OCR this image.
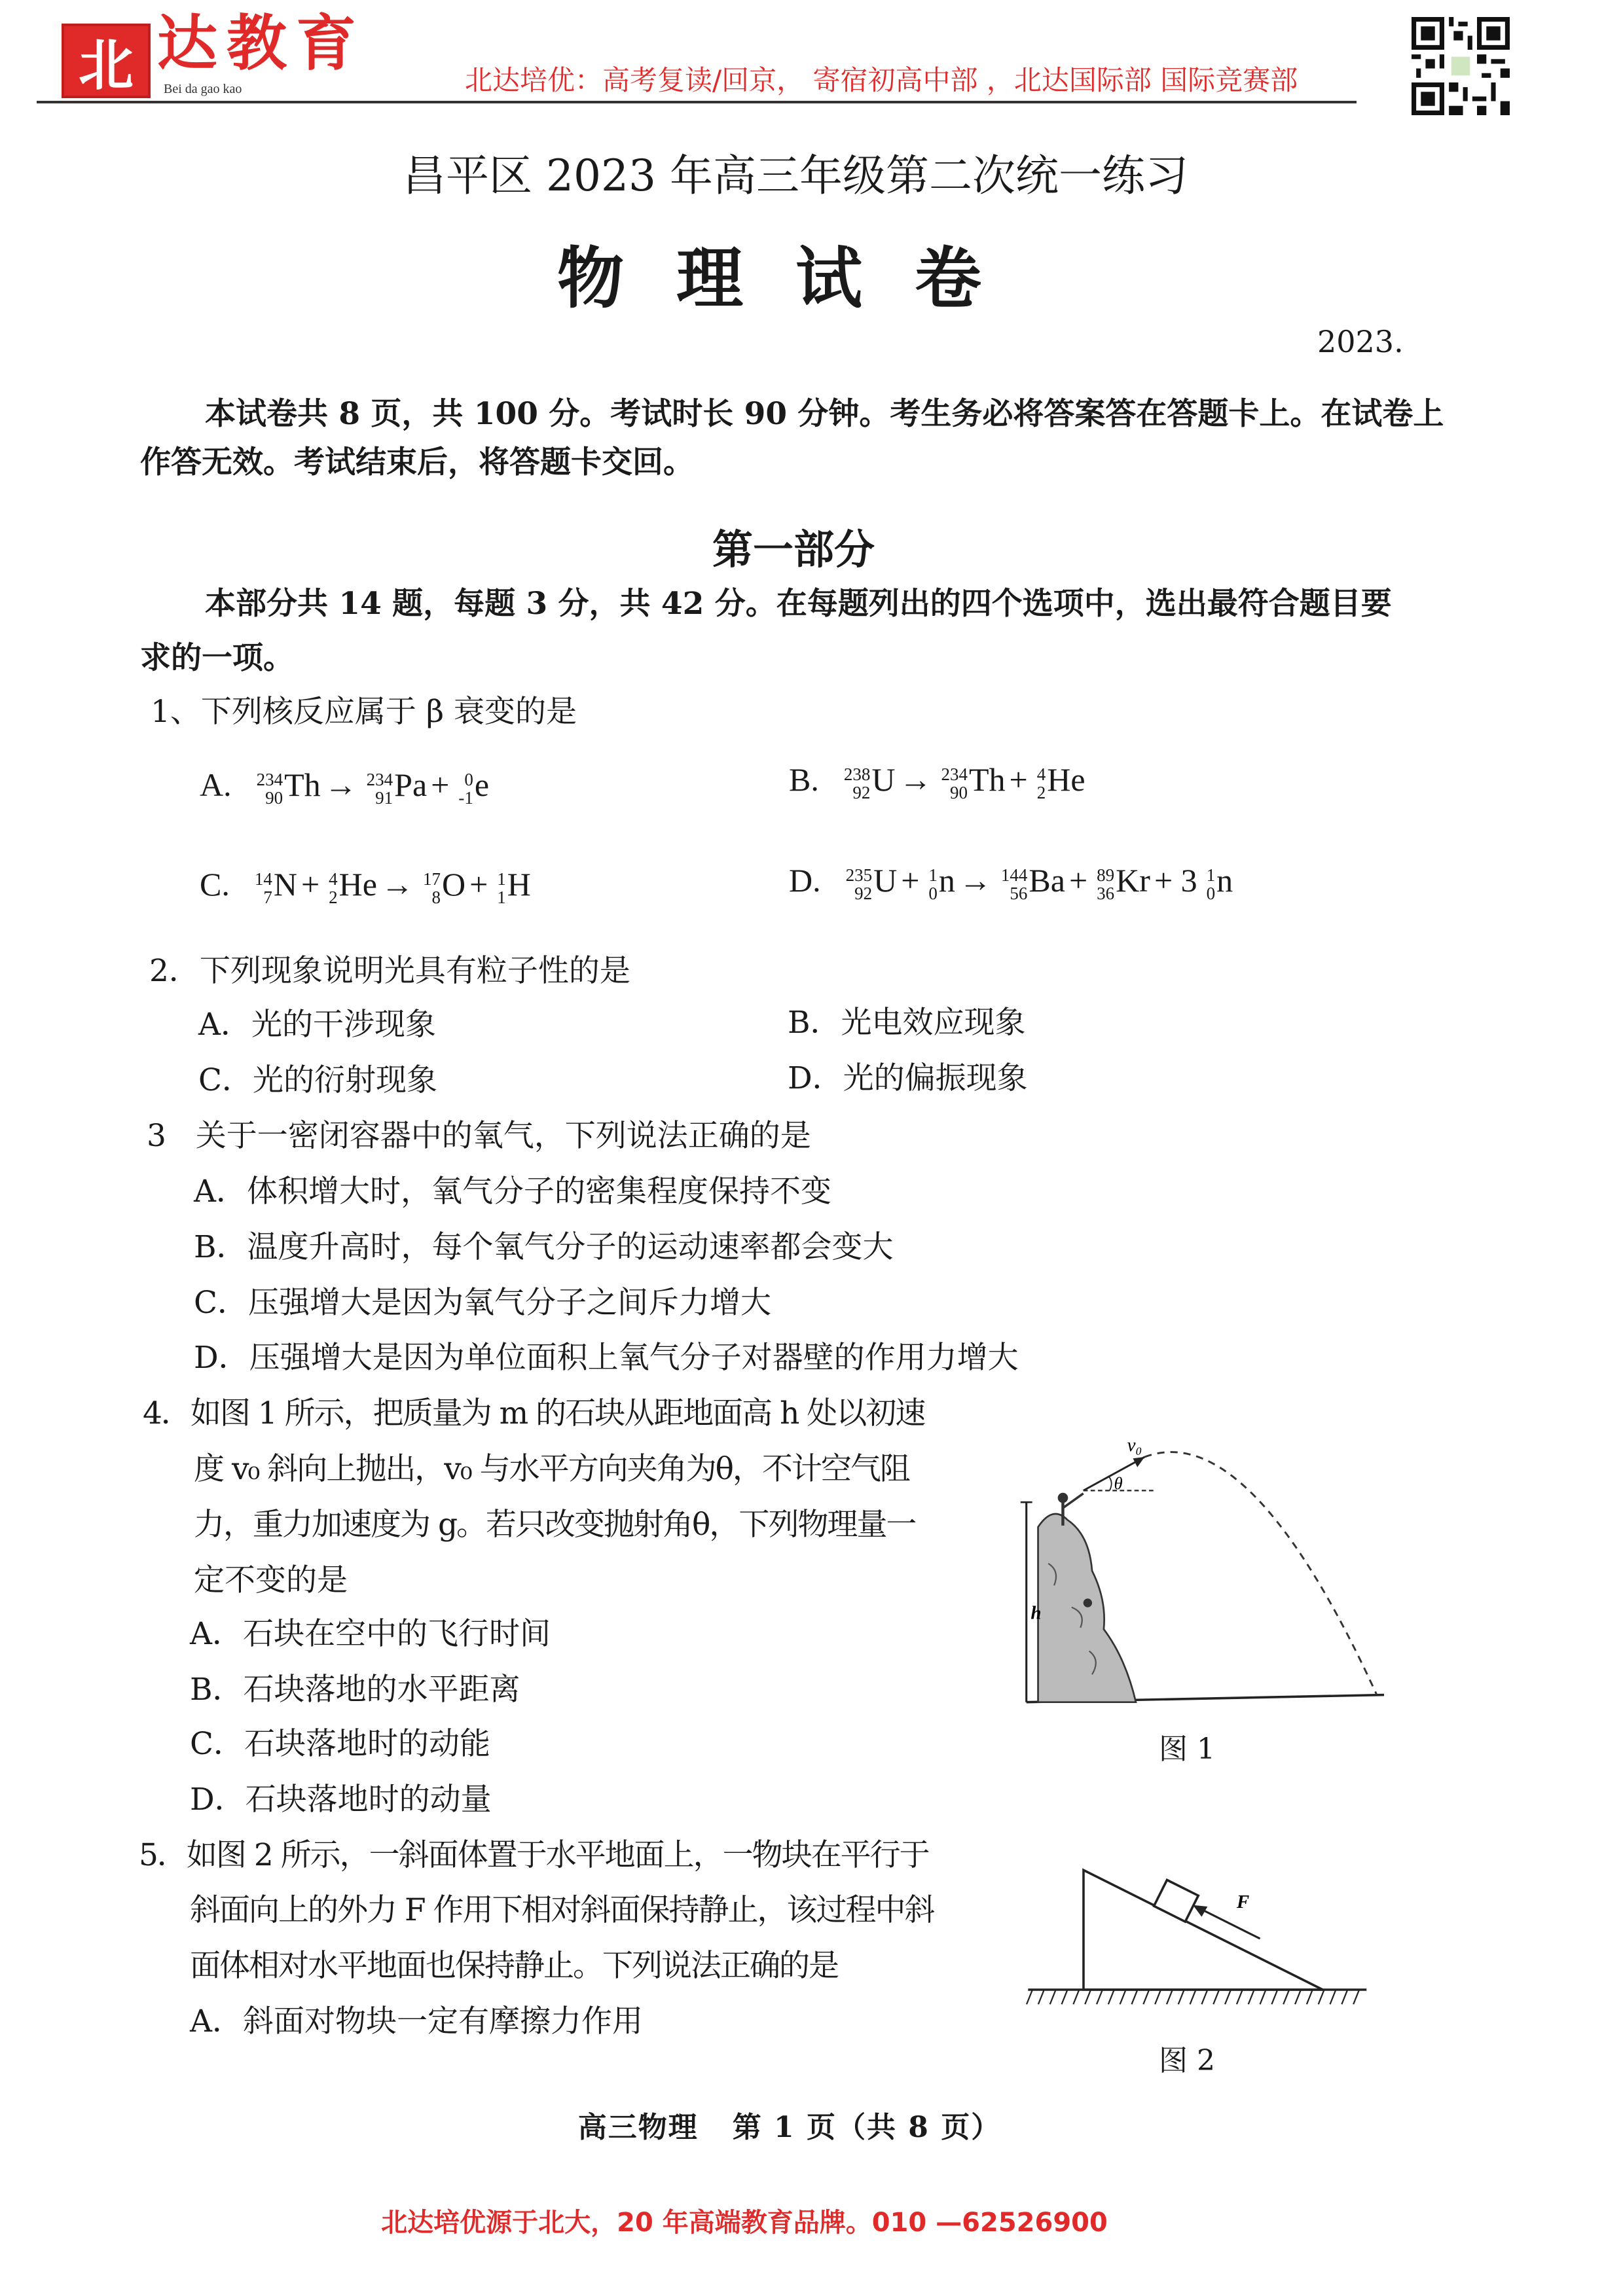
北 达教育
Bei da gao kao	北达培优：高考复读/回京， 寄宿初高中部 ，北达国际部 国际竞赛部
昌平区 2023 年高三年级第二次统一练习
物理试卷
2023.
本试卷共 8 页，共 100 分。考试时长 90 分钟。考生务必将答案答在答题卡上。在试卷上
作答无效。考试结束后，将答题卡交回。
第一部分
本部分共 14 题，每题 3 分，共 42 分。在每题列出的四个选项中，选出最符合题目要
求的一项。
1、下列核反应属于 β 衰变的是
A. 234
90 Th → 234
91 Pa + 0
-1 e	B. 238
92 U → 234
90 Th + 4
2 He
C. 14
7 N + 4
2 He → 17
8 O + 1
1 H	D. 235
92 U + 1
0 n → 144
56 Ba + 89
36 Kr + 3 1
0 n
2．下列现象说明光具有粒子性的是
A．光的干涉现象	B．光电效应现象
C．光的衍射现象	D．光的偏振现象
3   关于一密闭容器中的氧气，下列说法正确的是
A．体积增大时，氧气分子的密集程度保持不变
B．温度升高时，每个氧气分子的运动速率都会变大
C．压强增大是因为氧气分子之间斥力增大
D．压强增大是因为单位面积上氧气分子对器壁的作用力增大
4．如图 1 所示，把质量为 m 的石块从距地面高 h 处以初速
度 v₀ 斜向上抛出，v₀ 与水平方向夹角为θ，不计空气阻
力，重力加速度为 g。若只改变抛射角θ，下列物理量一
定不变的是
A．石块在空中的飞行时间
B．石块落地的水平距离
C．石块落地时的动能
D．石块落地时的动量
θ
v₀
h
图 1
5．如图 2 所示，一斜面体置于水平地面上，一物块在平行于
斜面向上的外力 F 作用下相对斜面保持静止，该过程中斜
面体相对水平地面也保持静止。下列说法正确的是
A．斜面对物块一定有摩擦力作用
F
图 2
高三物理   第 1 页（共 8 页）
北达培优源于北大，20 年高端教育品牌。010 —62526900
